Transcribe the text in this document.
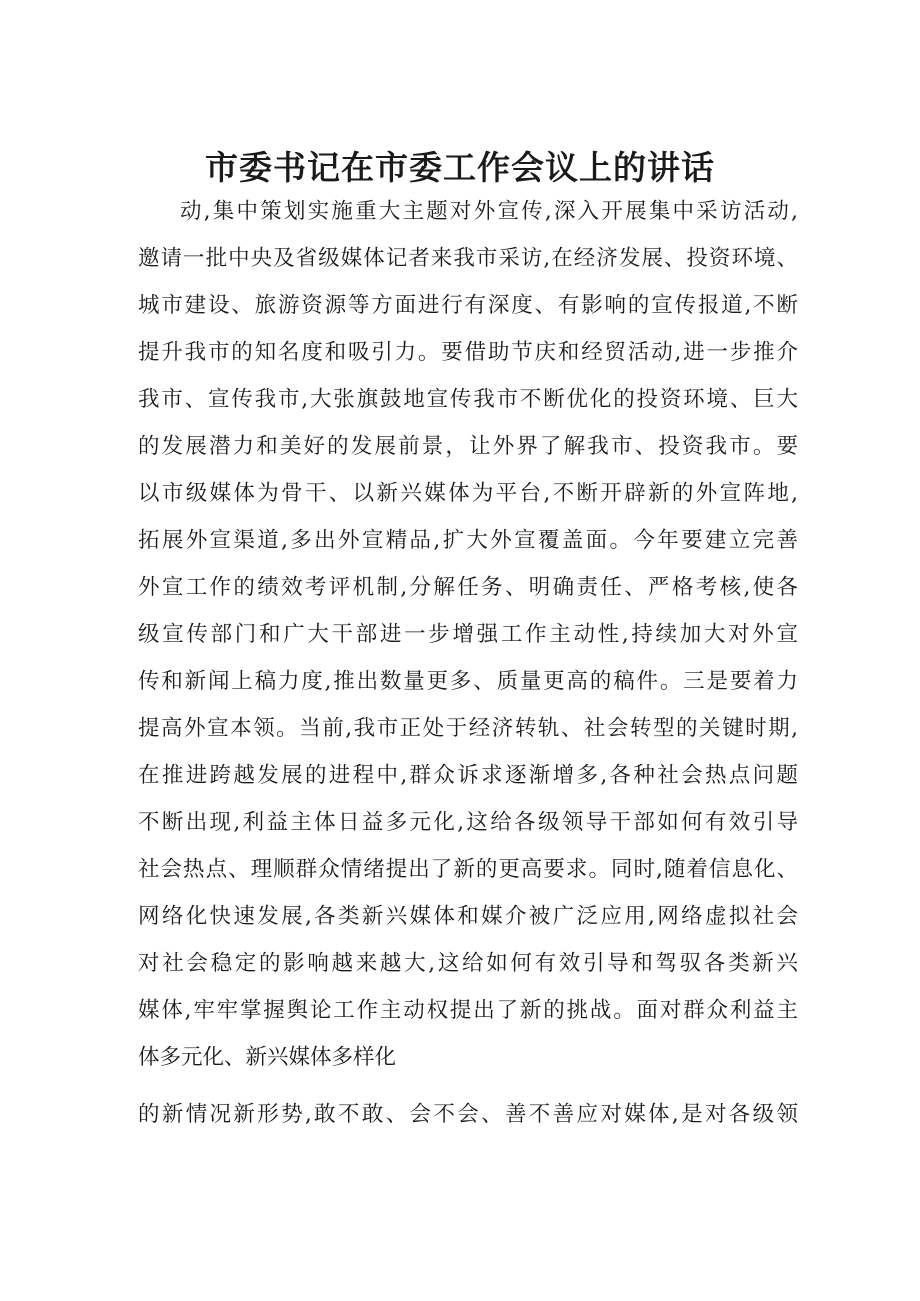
市委书记在市委工作会议上的讲话
动,集中策划实施重大主题对外宣传,深入开展集中采访活动,
邀请一批中央及省级媒体记者来我市采访,在经济发展、投资环境、
城市建设、旅游资源等方面进行有深度、有影响的宣传报道,不断
提升我市的知名度和吸引力。要借助节庆和经贸活动,进一步推介
我市、宣传我市,大张旗鼓地宣传我市不断优化的投资环境、巨大
的发展潜力和美好的发展前景，让外界了解我市、投资我市。要
以市级媒体为骨干、以新兴媒体为平台,不断开辟新的外宣阵地,
拓展外宣渠道,多出外宣精品,扩大外宣覆盖面。今年要建立完善
外宣工作的绩效考评机制,分解任务、明确责任、严格考核,使各
级宣传部门和广大干部进一步增强工作主动性,持续加大对外宣
传和新闻上稿力度,推出数量更多、质量更高的稿件。三是要着力
提高外宣本领。当前,我市正处于经济转轨、社会转型的关键时期,
在推进跨越发展的进程中,群众诉求逐渐增多,各种社会热点问题
不断出现,利益主体日益多元化,这给各级领导干部如何有效引导
社会热点、理顺群众情绪提出了新的更高要求。同时,随着信息化、
网络化快速发展,各类新兴媒体和媒介被广泛应用,网络虚拟社会
对社会稳定的影响越来越大,这给如何有效引导和驾驭各类新兴
媒体,牢牢掌握舆论工作主动权提出了新的挑战。面对群众利益主
体多元化、新兴媒体多样化
的新情况新形势,敢不敢、会不会、善不善应对媒体,是对各级领
